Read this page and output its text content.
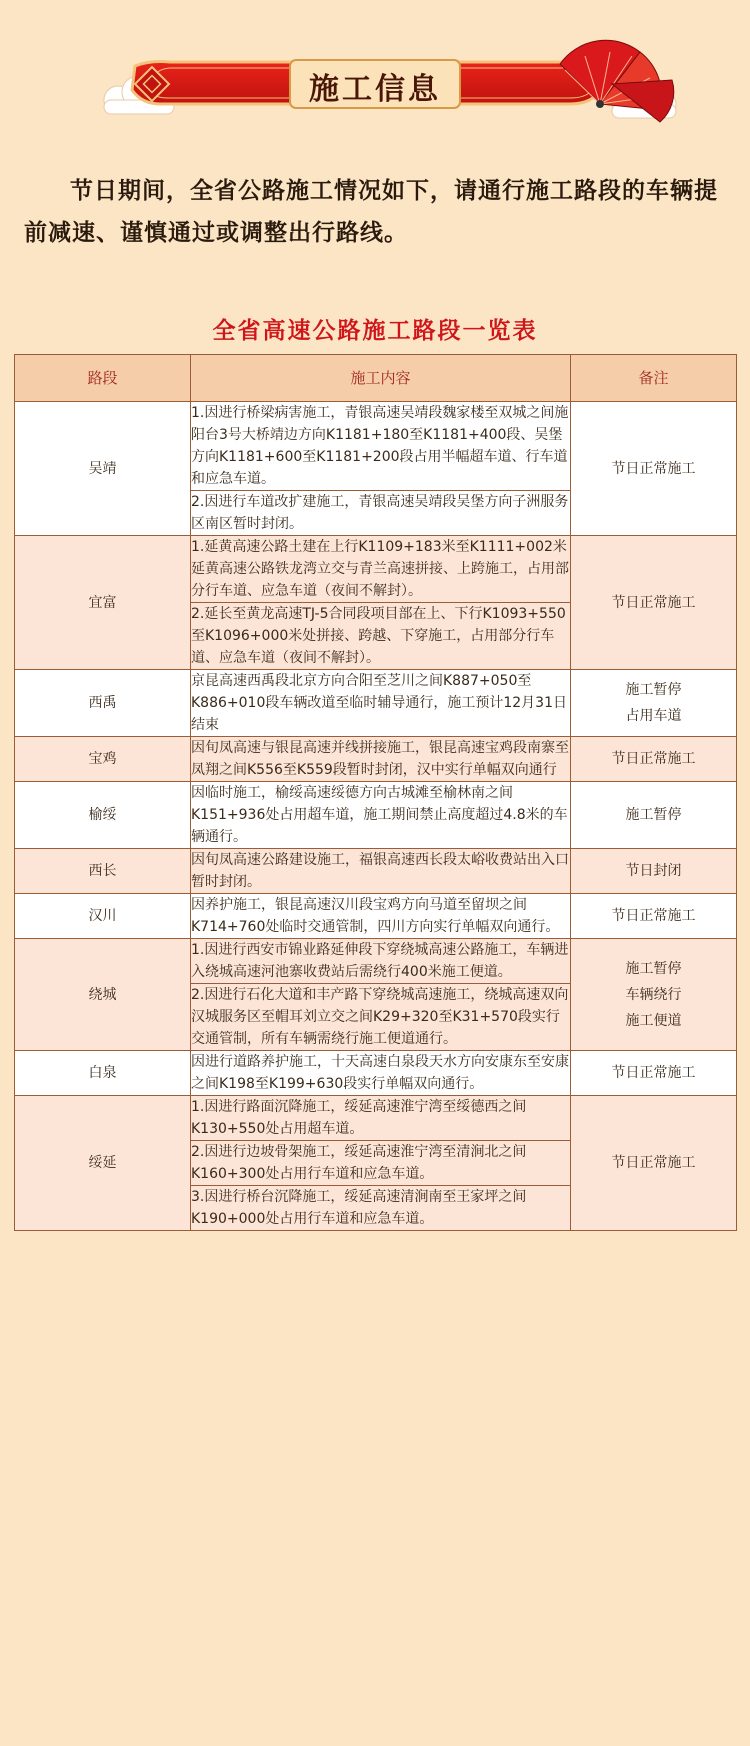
施工信息
节日期间，全省公路施工情况如下，请通行施工路段的车辆提前减速、谨慎通过或调整出行路线。
全省高速公路施工路段一览表
路段	施工内容	备注
吴靖	1.因进行桥梁病害施工，青银高速吴靖段魏家楼至双城之间施阳台3号大桥靖边方向K1181+180至K1181+400段、吴堡方向K1181+600至K1181+200段占用半幅超车道、行车道和应急车道。	节日正常施工

	2.因进行车道改扩建施工，青银高速吴靖段吴堡方向子洲服务区南区暂时封闭。	
宜富	1.延黄高速公路土建在上行K1109+183米至K1111+002米延黄高速公路铁龙湾立交与青兰高速拼接、上跨施工，占用部分行车道、应急车道（夜间不解封）。	节日正常施工

	2.延长至黄龙高速TJ-5合同段项目部在上、下行K1093+550至K1096+000米处拼接、跨越、下穿施工，占用部分行车道、应急车道（夜间不解封）。	
西禹	京昆高速西禹段北京方向合阳至芝川之间K887+050至K886+010段车辆改道至临时辅导通行，施工预计12月31日结束	施工暂停
占用车道

宝鸡	因旬凤高速与银昆高速并线拼接施工，银昆高速宝鸡段南寨至凤翔之间K556至K559段暂时封闭，汉中实行单幅双向通行	节日正常施工

榆绥	因临时施工，榆绥高速绥德方向古城滩至榆林南之间K151+936处占用超车道，施工期间禁止高度超过4.8米的车辆通行。	施工暂停

西长	因旬凤高速公路建设施工，福银高速西长段太峪收费站出入口暂时封闭。	节日封闭

汉川	因养护施工，银昆高速汉川段宝鸡方向马道至留坝之间K714+760处临时交通管制，四川方向实行单幅双向通行。	节日正常施工

绕城	1.因进行西安市锦业路延伸段下穿绕城高速公路施工，车辆进入绕城高速河池寨收费站后需绕行400米施工便道。	施工暂停
车辆绕行
施工便道

	2.因进行石化大道和丰产路下穿绕城高速施工，绕城高速双向汉城服务区至帽耳刘立交之间K29+320至K31+570段实行交通管制，所有车辆需绕行施工便道通行。	
白泉	因进行道路养护施工，十天高速白泉段天水方向安康东至安康之间K198至K199+630段实行单幅双向通行。	节日正常施工

绥延	1.因进行路面沉降施工，绥延高速淮宁湾至绥德西之间K130+550处占用超车道。	节日正常施工

	2.因进行边坡骨架施工，绥延高速淮宁湾至清涧北之间K160+300处占用行车道和应急车道。	
	3.因进行桥台沉降施工，绥延高速清涧南至王家坪之间K190+000处占用行车道和应急车道。	
